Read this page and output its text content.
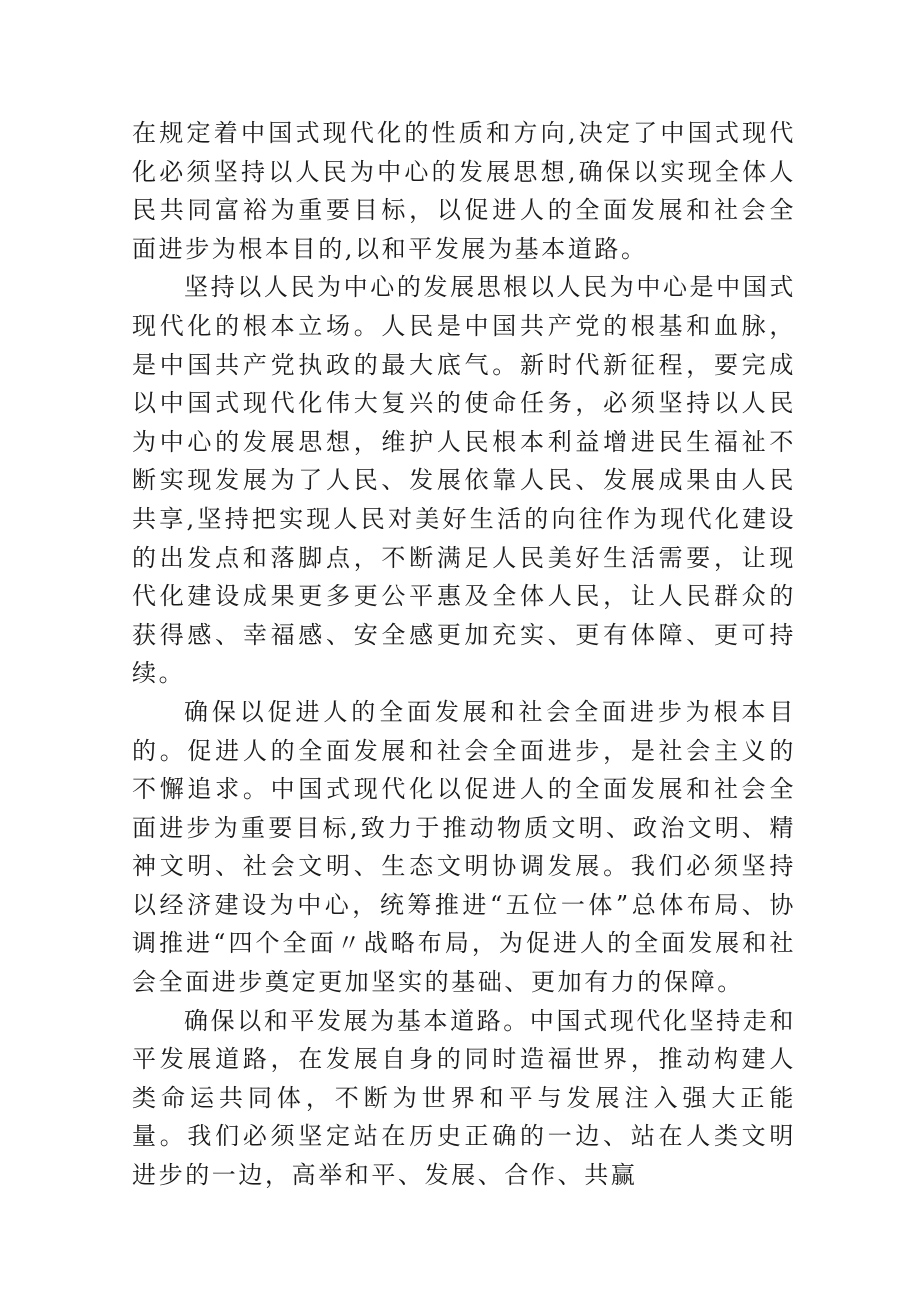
在规定着中国式现代化的性质和方向,决定了中国式现代化必须坚持以人民为中心的发展思想,确保以实现全体人民共同富裕为重要目标，以促进人的全面发展和社会全面进步为根本目的,以和平发展为基本道路。

坚持以人民为中心的发展思根以人民为中心是中国式现代化的根本立场。人民是中国共产党的根基和血脉，是中国共产党执政的最大底气。新时代新征程，要完成以中国式现代化伟大复兴的使命任务，必须坚持以人民为中心的发展思想，维护人民根本利益增进民生福祉不断实现发展为了人民、发展依靠人民、发展成果由人民共享,坚持把实现人民对美好生活的向往作为现代化建设的出发点和落脚点，不断满足人民美好生活需要，让现代化建设成果更多更公平惠及全体人民，让人民群众的获得感、幸福感、安全感更加充实、更有体障、更可持续。

确保以促进人的全面发展和社会全面进步为根本目的。促进人的全面发展和社会全面进步，是社会主义的不懈追求。中国式现代化以促进人的全面发展和社会全面进步为重要目标,致力于推动物质文明、政治文明、精神文明、社会文明、生态文明协调发展。我们必须坚持以经济建设为中心，统筹推进“五位一体”总体布局、协调推进“四个全面〃战略布局，为促进人的全面发展和社会全面进步奠定更加坚实的基础、更加有力的保障。

确保以和平发展为基本道路。中国式现代化坚持走和平发展道路，在发展自身的同时造福世界，推动构建人类命运共同体，不断为世界和平与发展注入强大正能量。我们必须坚定站在历史正确的一边、站在人类文明进步的一边，高举和平、发展、合作、共赢
